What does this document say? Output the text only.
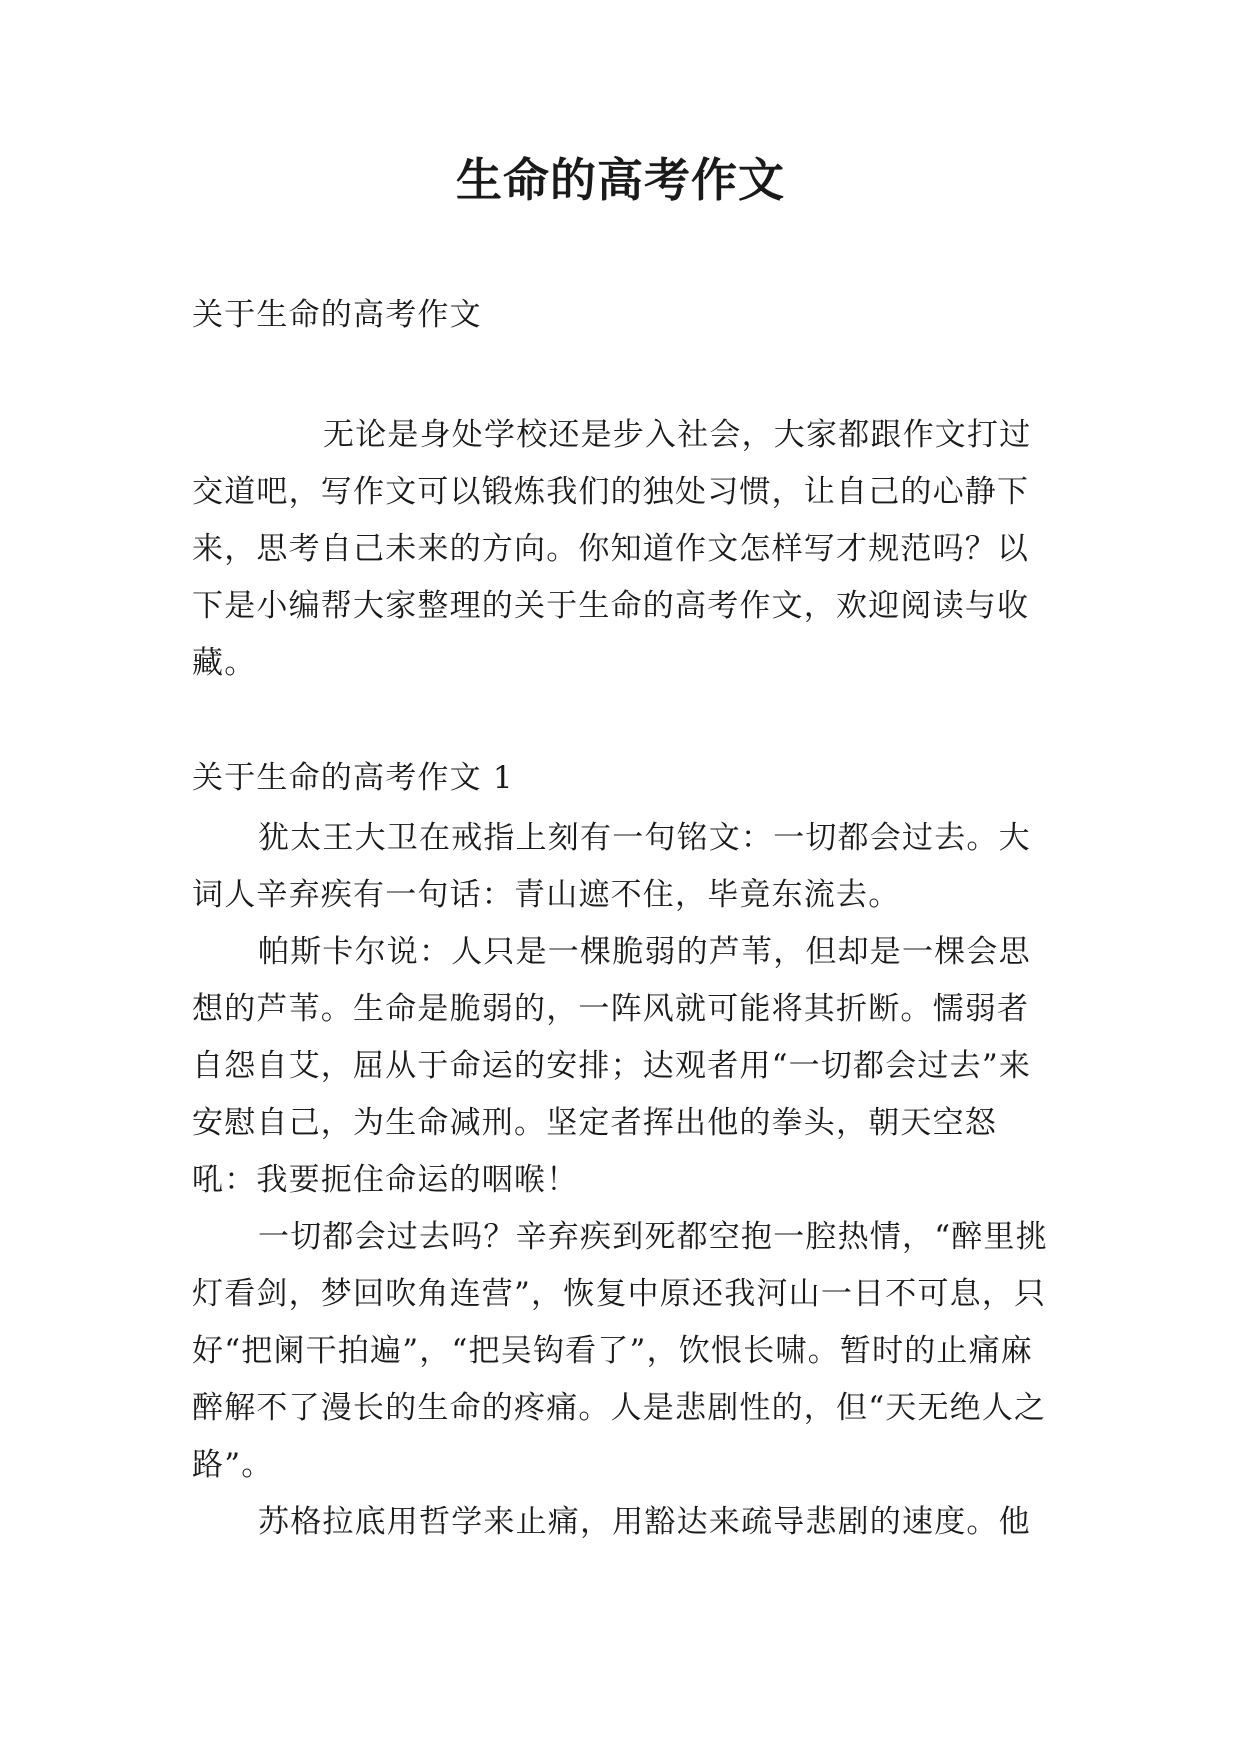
生命的高考作文

关于生命的高考作文

无论是身处学校还是步入社会，大家都跟作文打过交道吧，写作文可以锻炼我们的独处习惯，让自己的心静下来，思考自己未来的方向。你知道作文怎样写才规范吗？以下是小编帮大家整理的关于生命的高考作文，欢迎阅读与收藏。

关于生命的高考作文 1

犹太王大卫在戒指上刻有一句铭文：一切都会过去。大词人辛弃疾有一句话：青山遮不住，毕竟东流去。

帕斯卡尔说：人只是一棵脆弱的芦苇，但却是一棵会思想的芦苇。生命是脆弱的，一阵风就可能将其折断。懦弱者自怨自艾，屈从于命运的安排；达观者用“一切都会过去”来安慰自己，为生命减刑。坚定者挥出他的拳头，朝天空怒吼：我要扼住命运的咽喉！

一切都会过去吗？辛弃疾到死都空抱一腔热情，“醉里挑灯看剑，梦回吹角连营”，恢复中原还我河山一日不可息，只好“把阑干拍遍”，“把吴钩看了”，饮恨长啸。暂时的止痛麻醉解不了漫长的生命的疼痛。人是悲剧性的，但“天无绝人之路”。

苏格拉底用哲学来止痛，用豁达来疏导悲剧的速度。他
